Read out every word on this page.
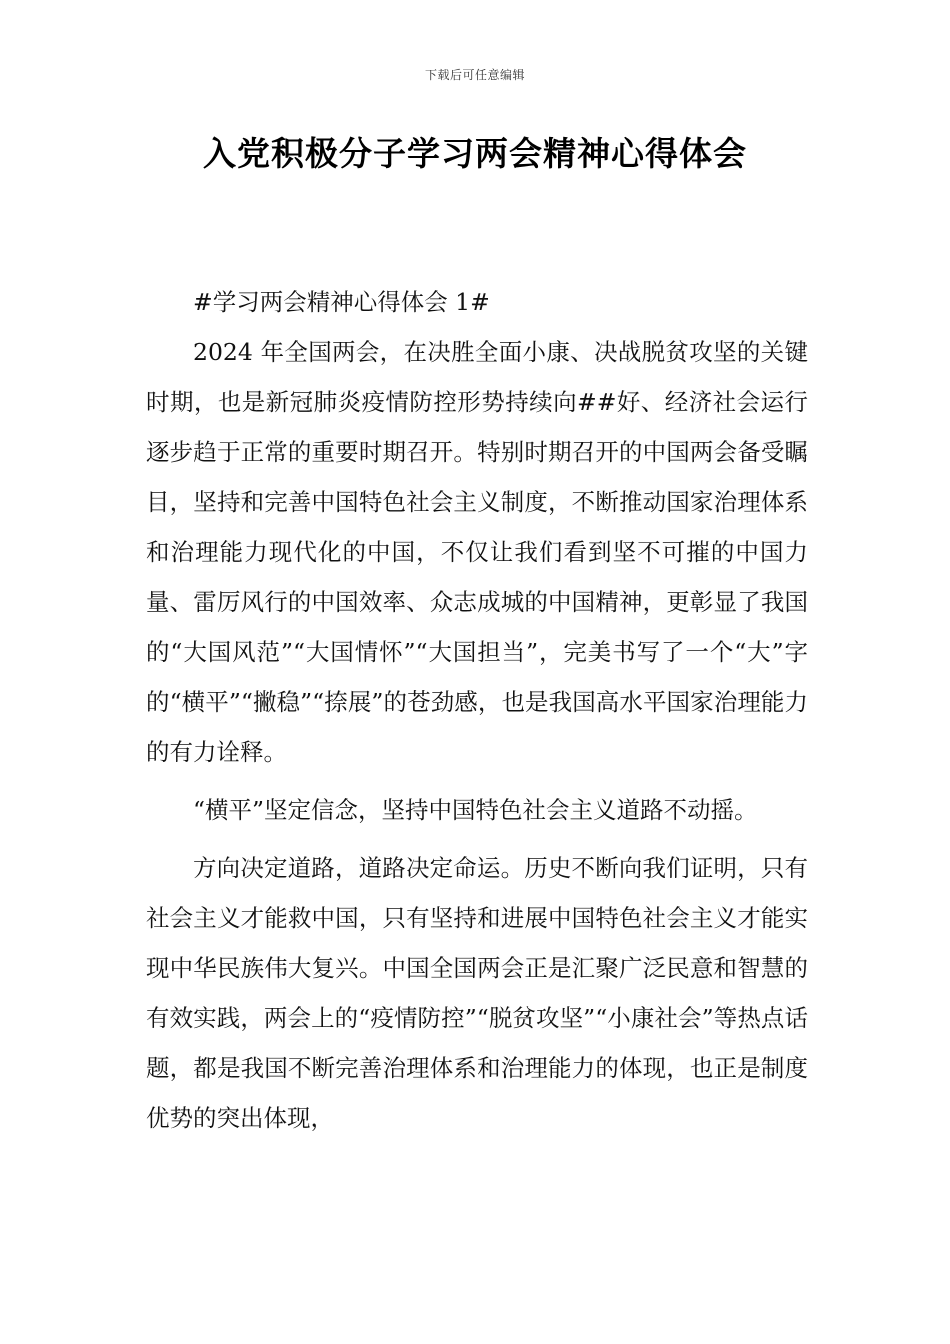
下载后可任意编辑
入党积极分子学习两会精神心得体会

#学习两会精神心得体会 1#

2024 年全国两会，在决胜全面小康、决战脱贫攻坚的关键时期，也是新冠肺炎疫情防控形势持续向##好、经济社会运行逐步趋于正常的重要时期召开。特别时期召开的中国两会备受瞩目，坚持和完善中国特色社会主义制度，不断推动国家治理体系和治理能力现代化的中国，不仅让我们看到坚不可摧的中国力量、雷厉风行的中国效率、众志成城的中国精神，更彰显了我国的“大国风范”“大国情怀”“大国担当”，完美书写了一个“大”字的“横平”“撇稳”“捺展”的苍劲感，也是我国高水平国家治理能力的有力诠释。

“横平”坚定信念，坚持中国特色社会主义道路不动摇。

方向决定道路，道路决定命运。历史不断向我们证明，只有社会主义才能救中国，只有坚持和进展中国特色社会主义才能实现中华民族伟大复兴。中国全国两会正是汇聚广泛民意和智慧的有效实践，两会上的“疫情防控”“脱贫攻坚”“小康社会”等热点话题，都是我国不断完善治理体系和治理能力的体现，也正是制度优势的突出体现，
